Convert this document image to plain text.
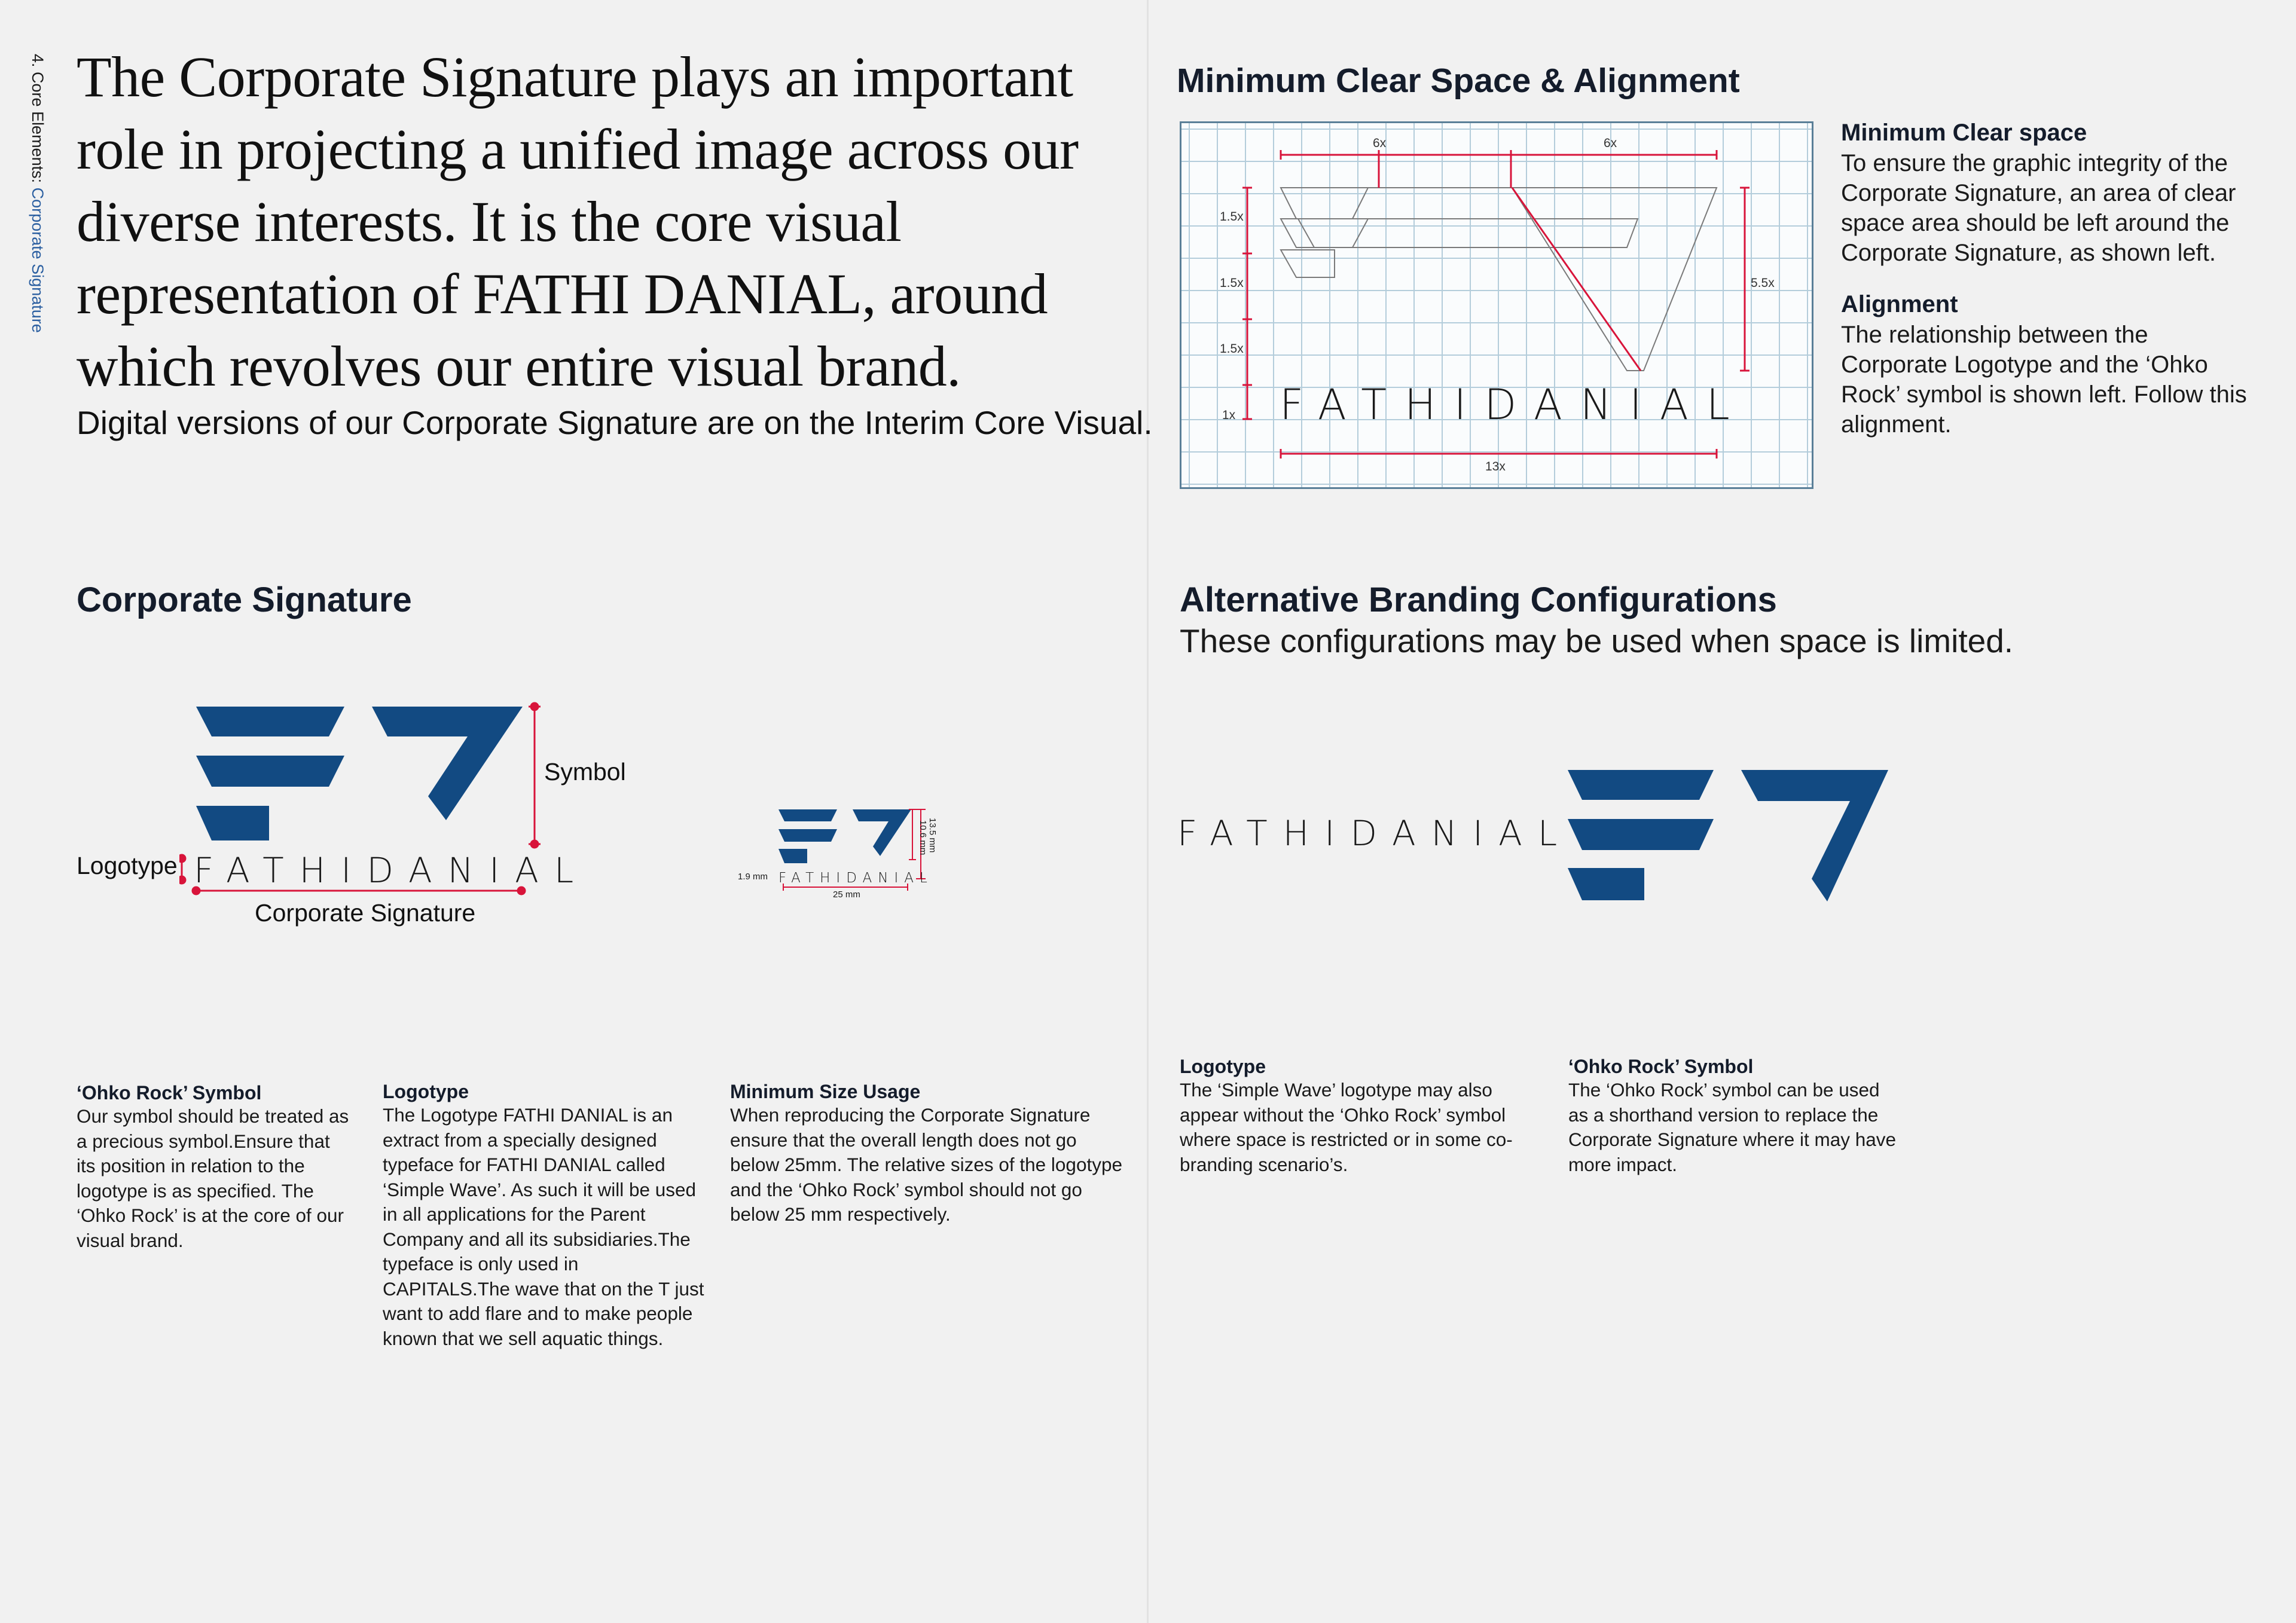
4. Core Elements: Corporate Signature
The Corporate Signature plays an important role in projecting a unified image across our diverse interests. It is the core visual representation of FATHI DANIAL, around which revolves our entire visual brand.
Digital versions of our Corporate Signature are on the Interim Core Visual.
Minimum Clear Space & Alignment
6x	6x
1.5x
1.5x
1.5x
1x
5.5x
13x
FATHIDANIAL
Minimum Clear space
To ensure the graphic integrity of the Corporate Signature, an area of clear space area should be left around the Corporate Signature, as shown left.
Alignment
The relationship between the Corporate Logotype and the ‘Ohko Rock’ symbol is shown left. Follow this alignment.
Corporate Signature
FATHIDANIAL
Symbol
Logotype
Corporate Signature
FATHIDANIAL
13.5 mm
10.6 mm
1.9 mm
25 mm
Alternative Branding Configurations
These configurations may be used when space is limited.
FATHIDANIAL
‘Ohko Rock’ Symbol
Our symbol should be treated as a precious symbol.Ensure that its position in relation to the logotype is as specified. The ‘Ohko Rock’ is at the core of our visual brand.
Logotype
The Logotype FATHI DANIAL is an extract from a specially designed typeface for FATHI DANIAL called ‘Simple Wave’. As such it will be used in all applications for the Parent Company and all its subsidiaries.The typeface is only used in CAPITALS.The wave that on the T just want to add flare and to make people known that we sell aquatic things.
Minimum Size Usage
When reproducing the Corporate Signature ensure that the overall length does not go below 25mm. The relative sizes of the logotype and the ‘Ohko Rock’ symbol should not go below 25 mm respectively.
Logotype
The ‘Simple Wave’ logotype may also appear without the ‘Ohko Rock’ symbol where space is restricted or in some co-branding scenario’s.
‘Ohko Rock’ Symbol
The ‘Ohko Rock’ symbol can be used as a shorthand version to replace the Corporate Signature where it may have more impact.
